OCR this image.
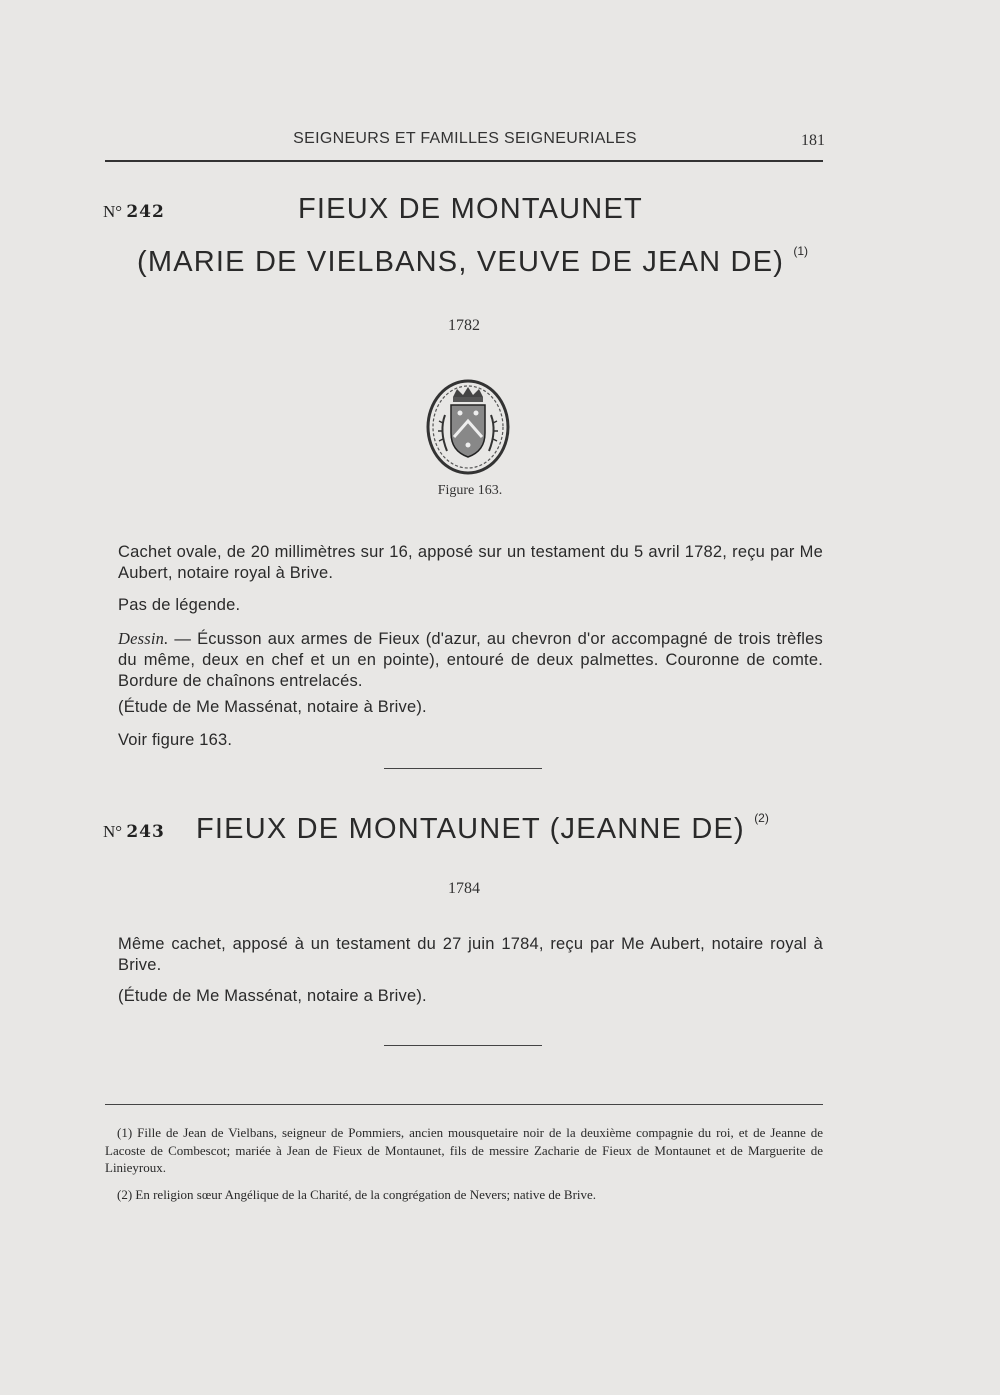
SEIGNEURS ET FAMILLES SEIGNEURIALES	181
N° 242	FIEUX DE MONTAUNET
(MARIE DE VIELBANS, VEUVE DE JEAN DE) $^{(1)}$
1782
Figure 163.
Cachet ovale, de 20 millimètres sur 16, apposé sur un testament du 5 avril 1782, reçu par Me Aubert, notaire royal à Brive.
Pas de légende.
Dessin. — Écusson aux armes de Fieux (d'azur, au chevron d'or accompagné de trois trèfles du même, deux en chef et un en pointe), entouré de deux palmettes. Couronne de comte. Bordure de chaînons entrelacés.
(Étude de Me Massénat, notaire à Brive).
Voir figure 163.
N° 243 FIEUX DE MONTAUNET (JEANNE DE) $^{(2)}$
1784
Même cachet, apposé à un testament du 27 juin 1784, reçu par Me Aubert, notaire royal à Brive.
(Étude de Me Massénat, notaire a Brive).
(1) Fille de Jean de Vielbans, seigneur de Pommiers, ancien mousquetaire noir de la deuxième compagnie du roi, et de Jeanne de Lacoste de Combescot; mariée à Jean de Fieux de Montaunet, fils de messire Zacharie de Fieux de Montaunet et de Marguerite de Linieyroux.
(2) En religion sœur Angélique de la Charité, de la congrégation de Nevers; native de Brive.
